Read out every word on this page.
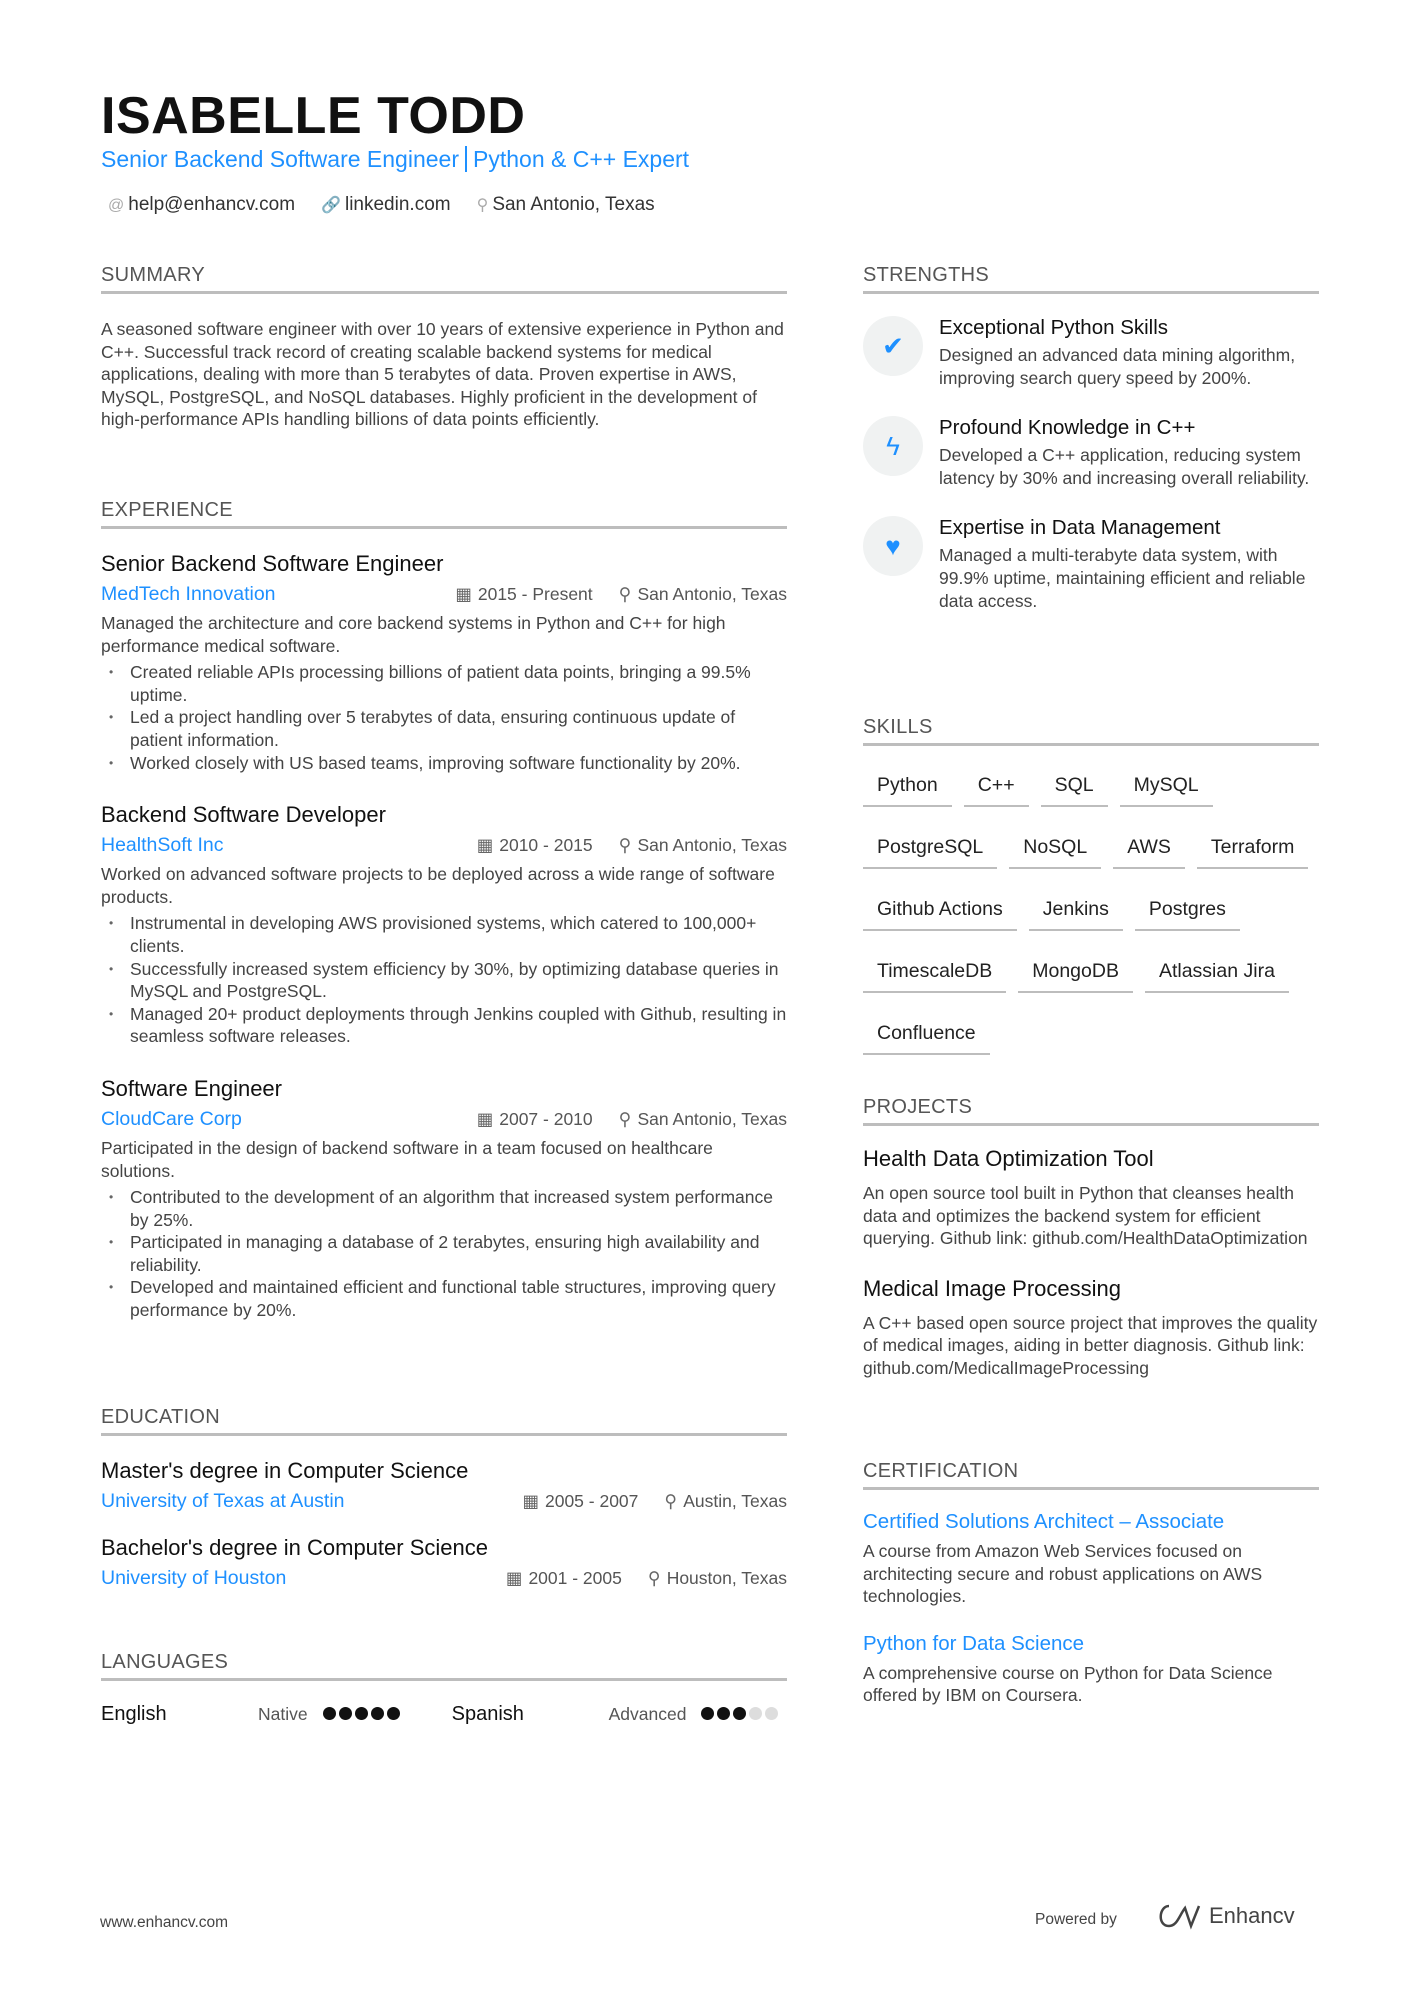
ISABELLE TODD
Senior Backend Software Engineer Python & C++ Expert
@ help@enhancv.com 🔗 linkedin.com ⚲ San Antonio, Texas
SUMMARY

A seasoned software engineer with over 10 years of extensive experience in Python and C++. Successful track record of creating scalable backend systems for medical applications, dealing with more than 5 terabytes of data. Proven expertise in AWS, MySQL, PostgreSQL, and NoSQL databases. Highly proficient in the development of high-performance APIs handling billions of data points efficiently.

EXPERIENCE
Senior Backend Software Engineer
MedTech Innovation	▦ 2015 - Present ⚲ San Antonio, Texas

Managed the architecture and core backend systems in Python and C++ for high performance medical software.

• Created reliable APIs processing billions of patient data points, bringing a 99.5% uptime.
• Led a project handling over 5 terabytes of data, ensuring continuous update of patient information.
• Worked closely with US based teams, improving software functionality by 20%.
Backend Software Developer
HealthSoft Inc	▦ 2010 - 2015 ⚲ San Antonio, Texas

Worked on advanced software projects to be deployed across a wide range of software products.

• Instrumental in developing AWS provisioned systems, which catered to 100,000+ clients.
• Successfully increased system efficiency by 30%, by optimizing database queries in MySQL and PostgreSQL.
• Managed 20+ product deployments through Jenkins coupled with Github, resulting in seamless software releases.
Software Engineer
CloudCare Corp	▦ 2007 - 2010 ⚲ San Antonio, Texas

Participated in the design of backend software in a team focused on healthcare solutions.

• Contributed to the development of an algorithm that increased system performance by 25%.
• Participated in managing a database of 2 terabytes, ensuring high availability and reliability.
• Developed and maintained efficient and functional table structures, improving query performance by 20%.
EDUCATION
Master's degree in Computer Science
University of Texas at Austin	▦ 2005 - 2007 ⚲ Austin, Texas
Bachelor's degree in Computer Science
University of Houston	▦ 2001 - 2005 ⚲ Houston, Texas
LANGUAGES
English	Native	Spanish	Advanced
STRENGTHS
✔
Exceptional Python Skills
Designed an advanced data mining algorithm, improving search query speed by 200%.
ϟ
Profound Knowledge in C++
Developed a C++ application, reducing system latency by 30% and increasing overall reliability.
♥
Expertise in Data Management
Managed a multi-terabyte data system, with 99.9% uptime, maintaining efficient and reliable data access.
SKILLS
Python	C++	SQL	MySQL
PostgreSQL	NoSQL	AWS	Terraform
Github Actions	Jenkins	Postgres
TimescaleDB	MongoDB	Atlassian Jira
Confluence
PROJECTS
Health Data Optimization Tool

An open source tool built in Python that cleanses health data and optimizes the backend system for efficient querying. Github link: github.com/HealthDataOptimization

Medical Image Processing

A C++ based open source project that improves the quality of medical images, aiding in better diagnosis. Github link: github.com/MedicalImageProcessing

CERTIFICATION
Certified Solutions Architect – Associate

A course from Amazon Web Services focused on architecting secure and robust applications on AWS technologies.

Python for Data Science

A comprehensive course on Python for Data Science offered by IBM on Coursera.

www.enhancv.com	Powered by	Enhancv
